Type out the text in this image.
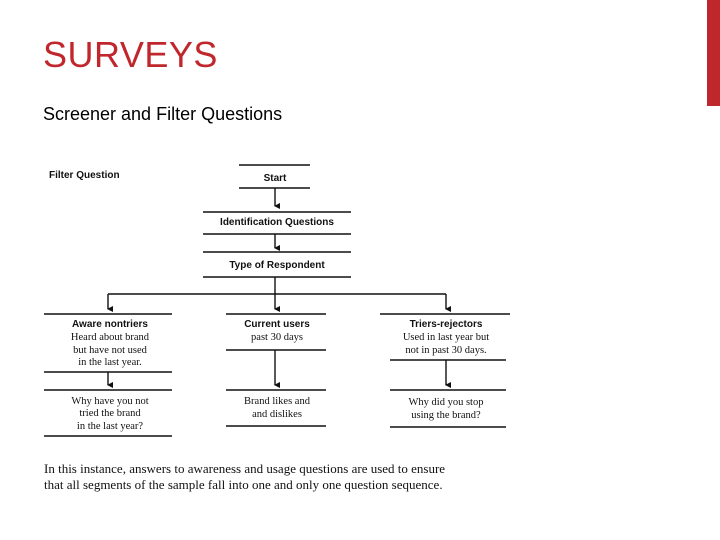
SURVEYS
Screener and Filter Questions
Filter Question	Start
Identification Questions
Type of Respondent
Aware nontriers
Heard about brand
but have not used
in the last year.
Why have you not
tried the brand
in the last year?
Current users
past 30 days
Brand likes and
and dislikes
Triers-rejectors
Used in last year but
not in past 30 days.
Why did you stop
using the brand?
In this instance, answers to awareness and usage questions are used to ensure
that all segments of the sample fall into one and only one question sequence.
